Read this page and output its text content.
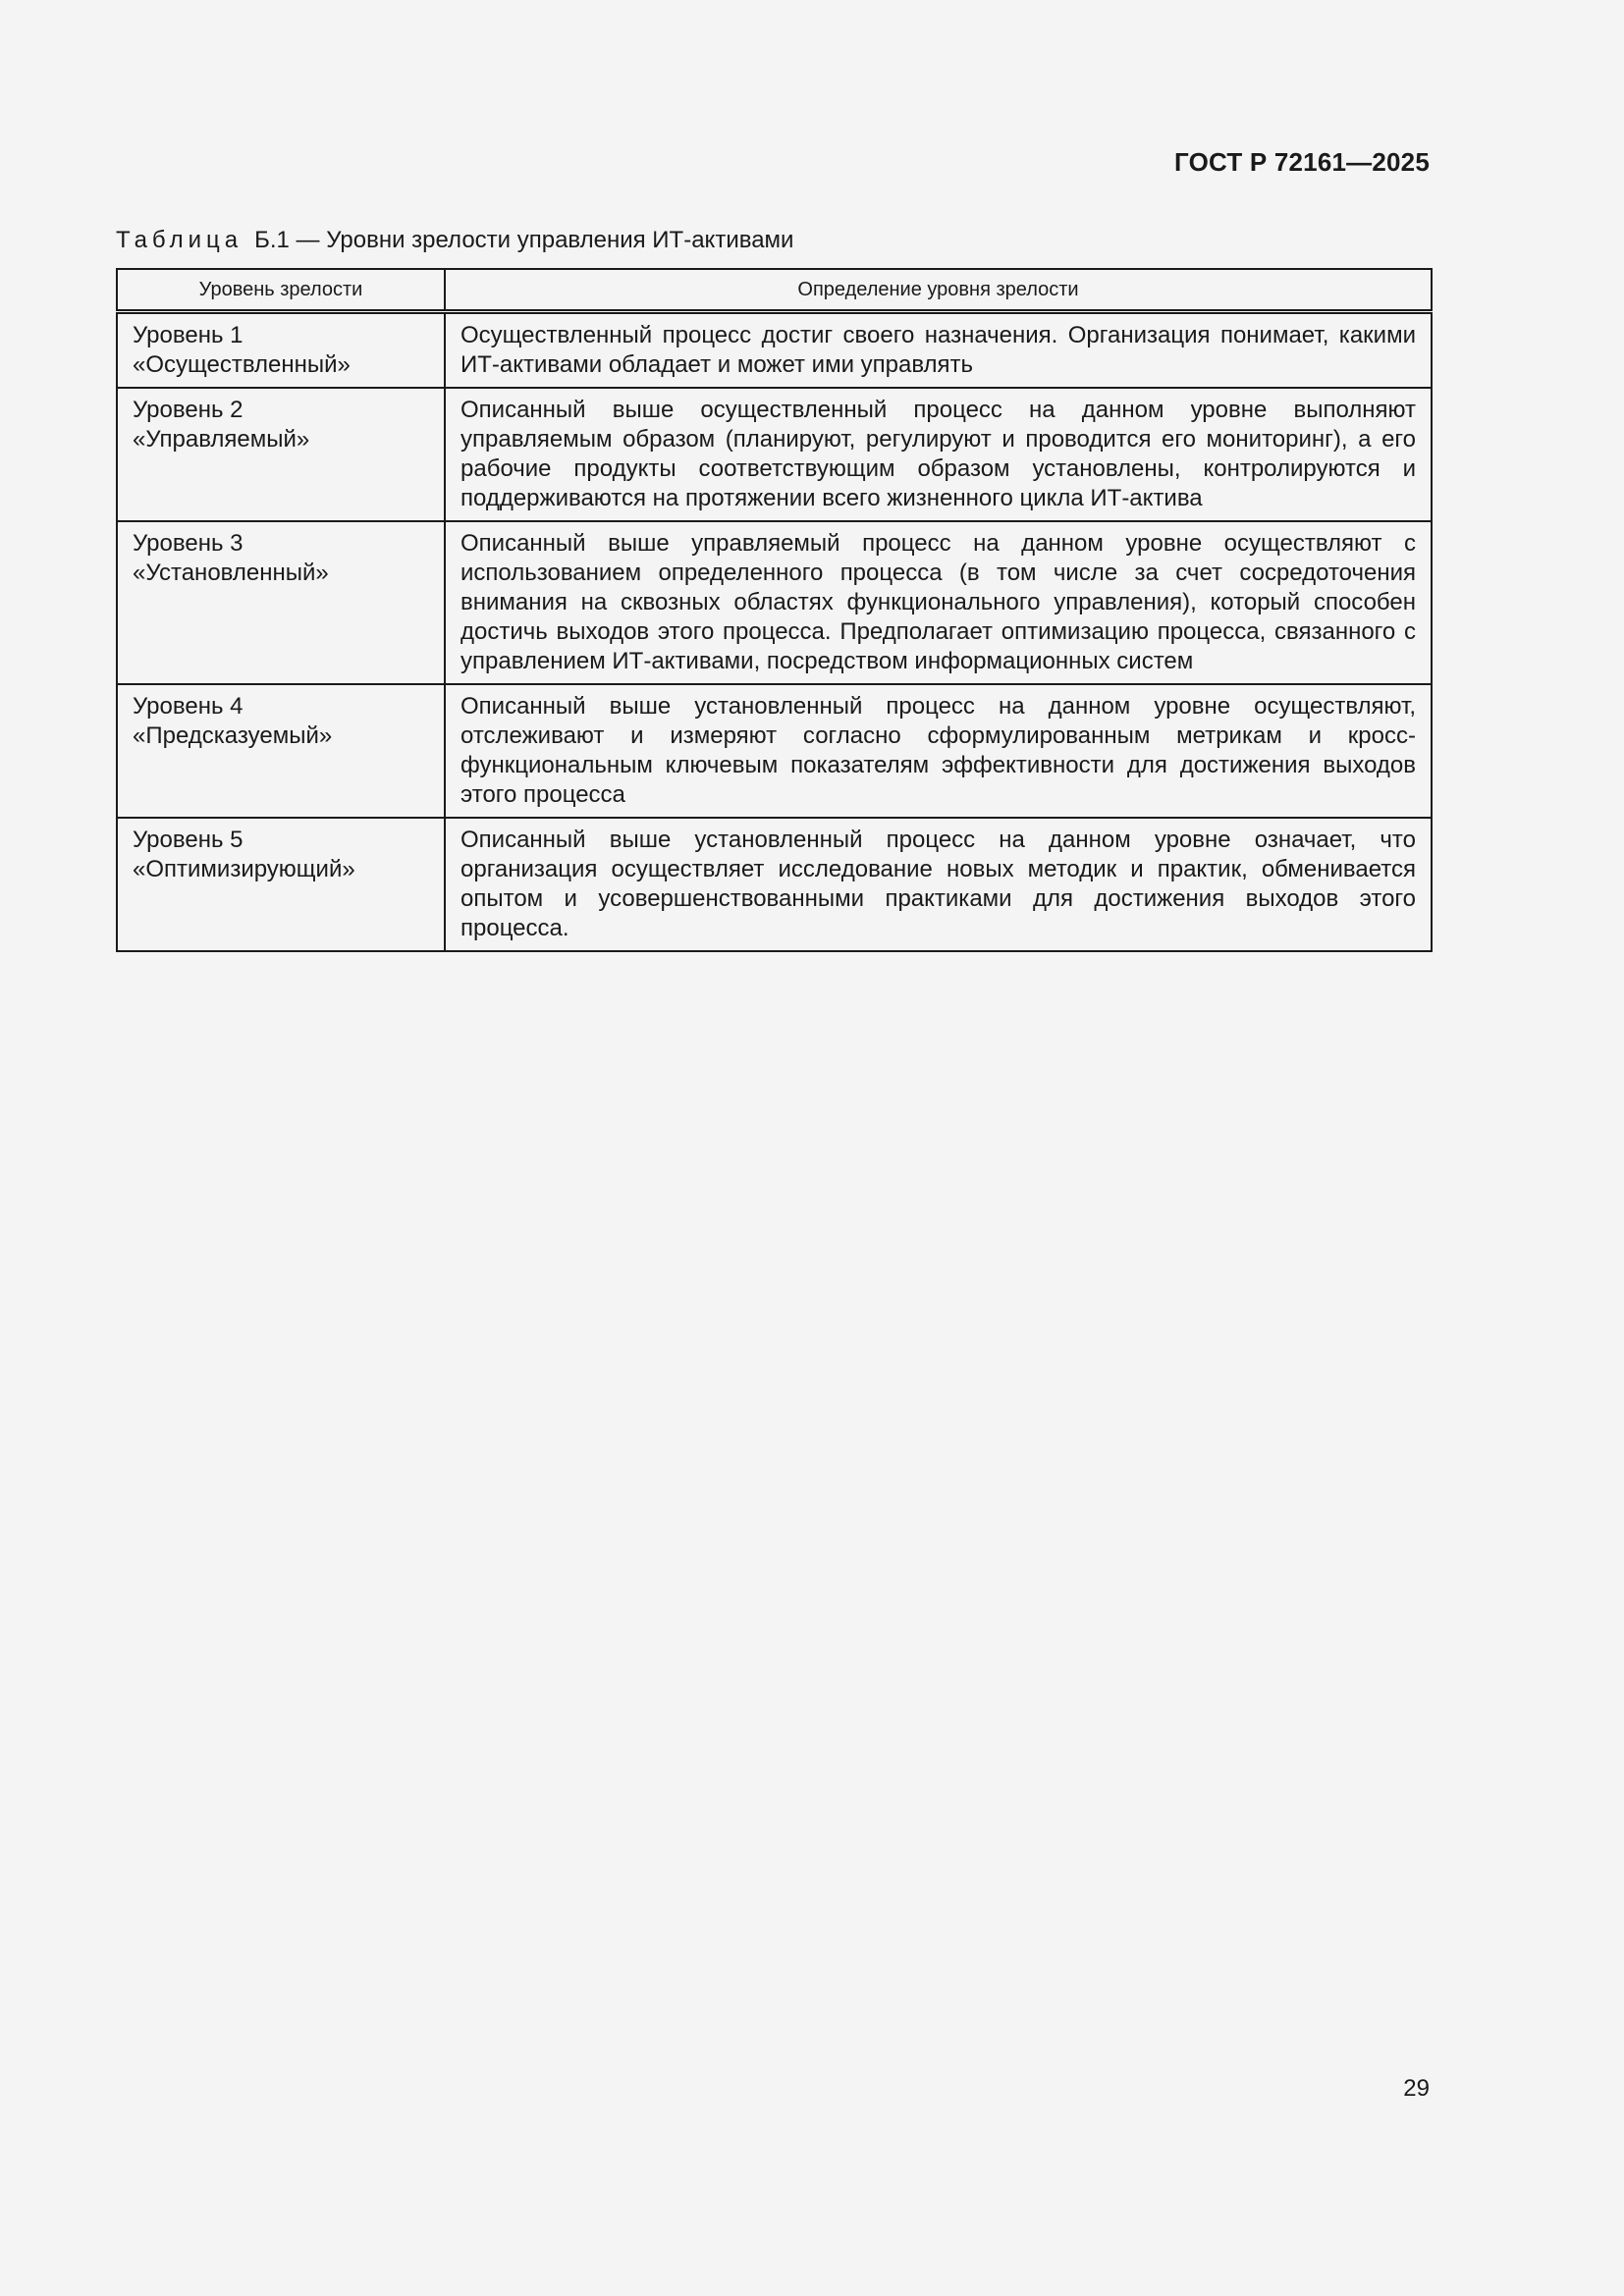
ГОСТ Р 72161—2025
Таблица Б.1 — Уровни зрелости управления ИТ-активами
Уровень зрелости	Определение уровня зрелости

Уровень 1
«Осуществленный»	Осуществленный процесс достиг своего назначения. Организация понимает, какими ИТ-активами обладает и может ими управлять

Уровень 2
«Управляемый»	Описанный выше осуществленный процесс на данном уровне выполняют управляемым образом (планируют, регулируют и проводится его мониторинг), а его рабочие продукты соответствующим образом установлены, контролируются и поддерживаются на протяжении всего жизненного цикла ИТ-актива

Уровень 3
«Установленный»	Описанный выше управляемый процесс на данном уровне осуществляют с использованием определенного процесса (в том числе за счет сосредоточения внимания на сквозных областях функционального управления), который способен достичь выходов этого процесса. Предполагает оптимизацию процесса, связанного с управлением ИТ-активами, посредством информационных систем

Уровень 4
«Предсказуемый»	Описанный выше установленный процесс на данном уровне осуществляют, отслеживают и измеряют согласно сформулированным метрикам и кросс-функциональным ключевым показателям эффективности для достижения выходов этого процесса

Уровень 5
«Оптимизирующий»	Описанный выше установленный процесс на данном уровне означает, что организация осуществляет исследование новых методик и практик, обменивается опытом и усовершенствованными практиками для достижения выходов этого процесса.
29
